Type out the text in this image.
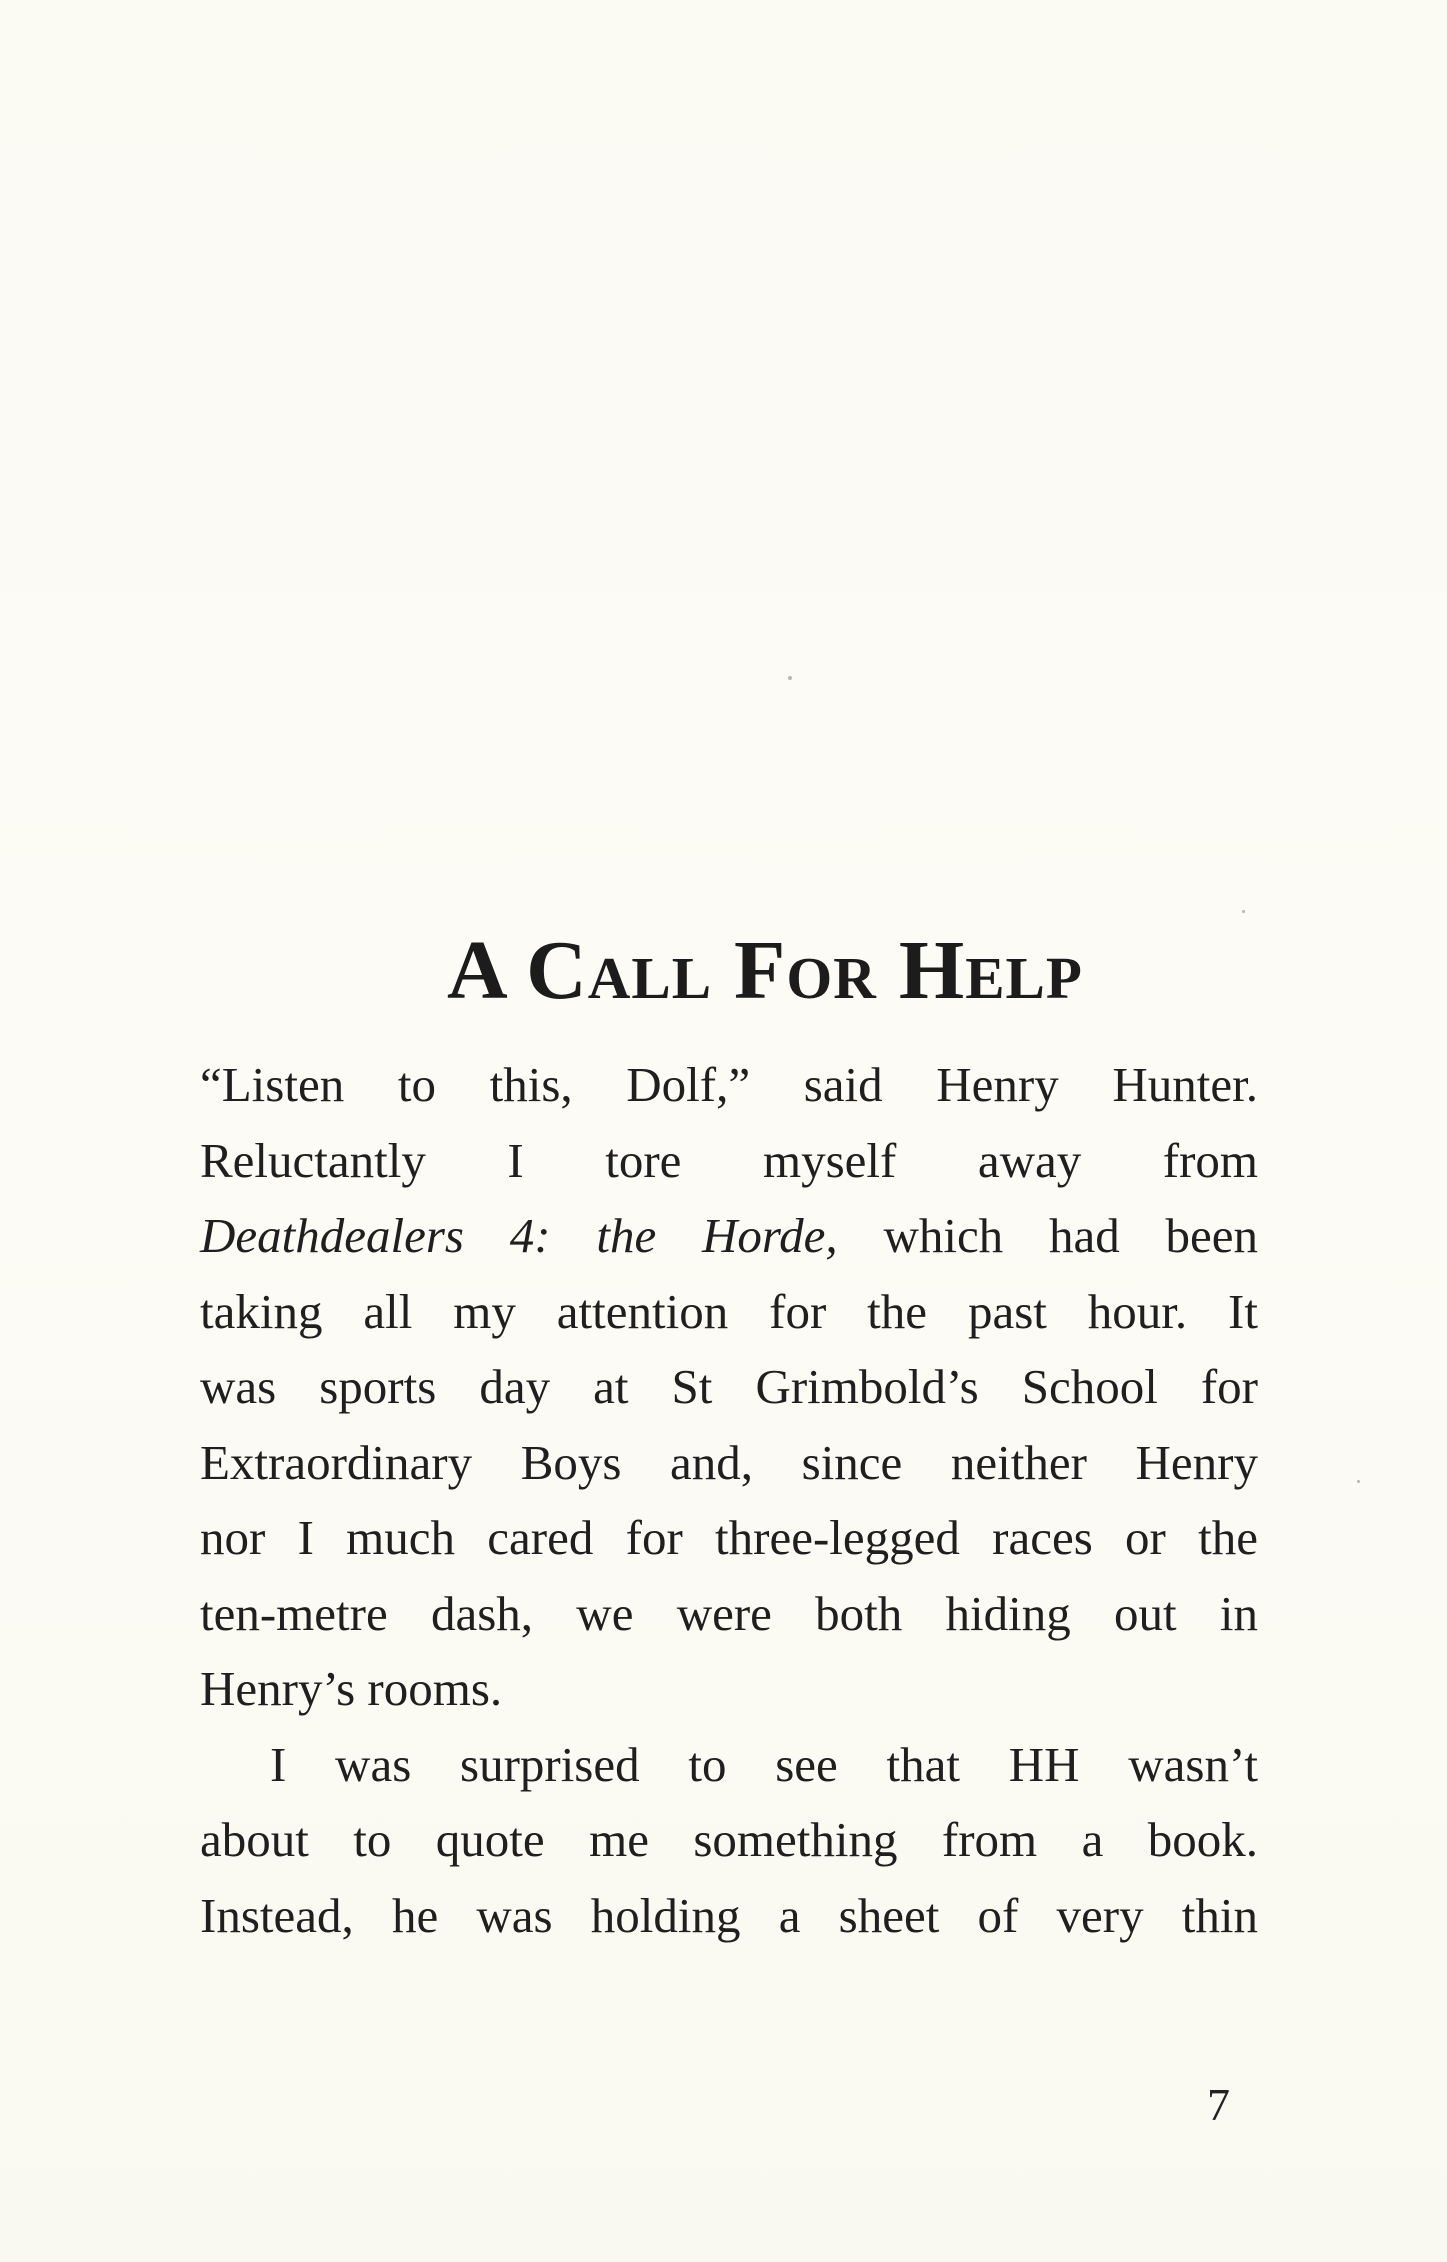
A Call For Help

“Listen to this, Dolf,” said Henry Hunter.
Reluctantly I tore myself away from
Deathdealers 4: the Horde, which had been
taking all my attention for the past hour. It
was sports day at St Grimbold’s School for
Extraordinary Boys and, since neither Henry
nor I much cared for three-legged races or the
ten-metre dash, we were both hiding out in
Henry’s rooms.

I was surprised to see that HH wasn’t
about to quote me something from a book.
Instead, he was holding a sheet of very thin

7
